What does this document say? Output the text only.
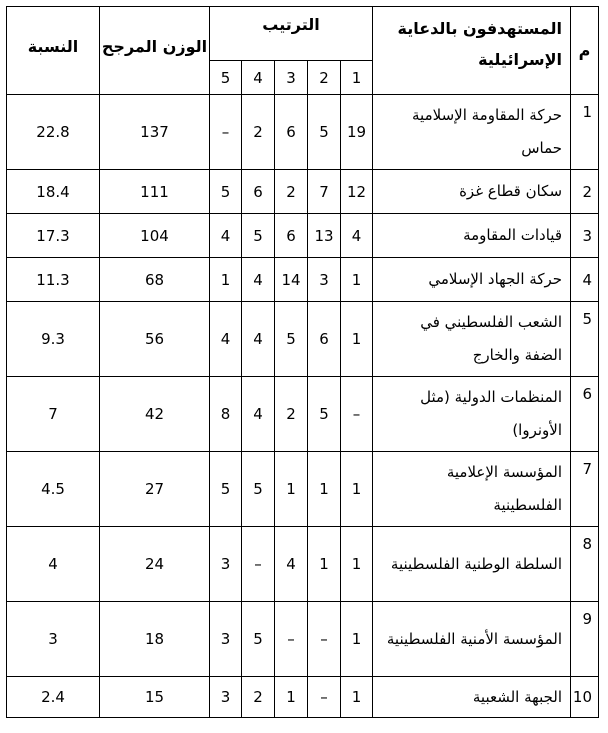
م	المستهدفون بالدعاية الإسرائيلية	الترتيب					الوزن المرجح	النسبة
		1	2	3	4	5		
1	حركة المقاومة الإسلامية حماس	19	5	6	2	–	137	22.8
2	سكان قطاع غزة	12	7	2	6	5	111	18.4
3	قيادات المقاومة	4	13	6	5	4	104	17.3
4	حركة الجهاد الإسلامي	1	3	14	4	1	68	11.3
5	الشعب الفلسطيني في الضفة والخارج	1	6	5	4	4	56	9.3
6	المنظمات الدولية (مثل الأونروا)	–	5	2	4	8	42	7
7	المؤسسة الإعلامية الفلسطينية	1	1	1	5	5	27	4.5
8	السلطة الوطنية الفلسطينية	1	1	4	–	3	24	4
9	المؤسسة الأمنية الفلسطينية	1	–	–	5	3	18	3
10	الجبهة الشعبية	1	–	1	2	3	15	2.4
